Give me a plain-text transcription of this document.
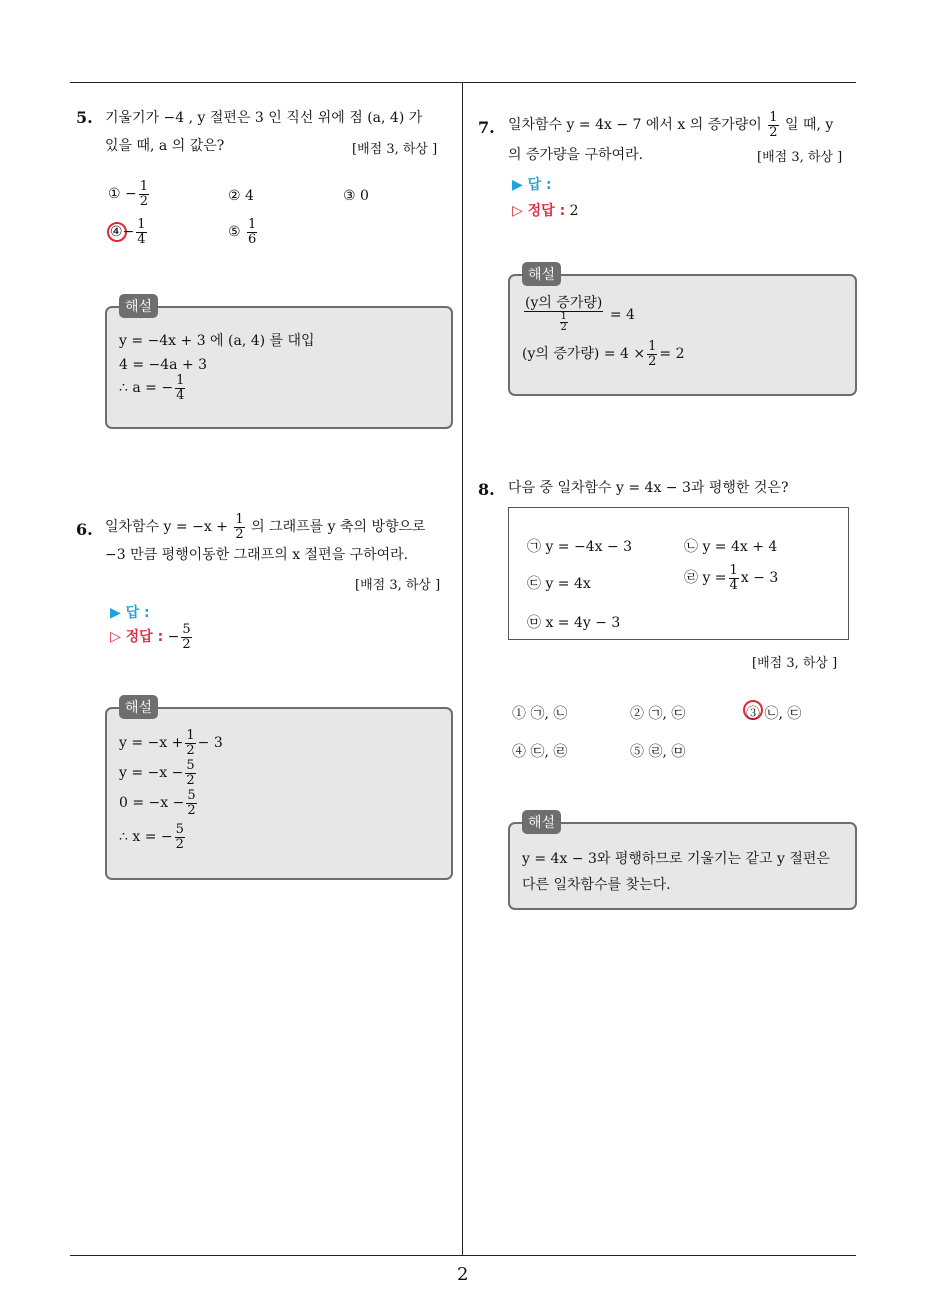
5. 기울기가 −4 , y 절편은 3 인 직선 위에 점 (a, 4) 가
있을 때, a 의 값은?	[배점 3, 하상 ]
① − $\frac{1}{2}$	② 4	③ 0
④− $\frac{1}{4}$	⑤ $\frac{1}{6}$
해설
y = −4x + 3 에 (a, 4) 를 대입
4 = −4a + 3
∴ a = − $\frac{1}{4}$
6. 일차함수 $y = -x + \frac{1}{2}$ 의 그래프를 y 축의 방향으로
−3 만큼 평행이동한 그래프의 x 절편을 구하여라.
[배점 3, 하상 ]
▶ 답 :
▷ 정답 : − $\frac{5}{2}$
해설
$y = -x + \frac{1}{2} - 3$
$y = -x - \frac{5}{2}$
$0 = -x - \frac{5}{2}$
∴ x = − $\frac{5}{2}$
7. 일차함수 y = 4x − 7 에서 x 의 증가량이 $\frac{1}{2}$ 일 때, y
의 증가량을 구하여라.	[배점 3, 하상 ]
▶ 답 :
▷ 정답 : 2
해설
$\frac{\text{(y의 증가량)}}{\frac{1}{2}} = 4$
(y의 증가량) = $4 \times \frac{1}{2} = 2$
8. 다음 중 일차함수 y = 4x − 3과 평행한 것은?
㉠ y = −4x − 3	㉡ y = 4x + 4
㉢ y = 4x	㉣ $y = \frac{1}{4}$ x − 3
㉤ x = 4y − 3
[배점 3, 하상 ]
① ㉠, ㉡	② ㉠, ㉢	③ ㉡, ㉢
④ ㉢, ㉣	⑤ ㉣, ㉤
해설
y = 4x − 3와 평행하므로 기울기는 같고 y 절편은
다른 일차함수를 찾는다.
2
